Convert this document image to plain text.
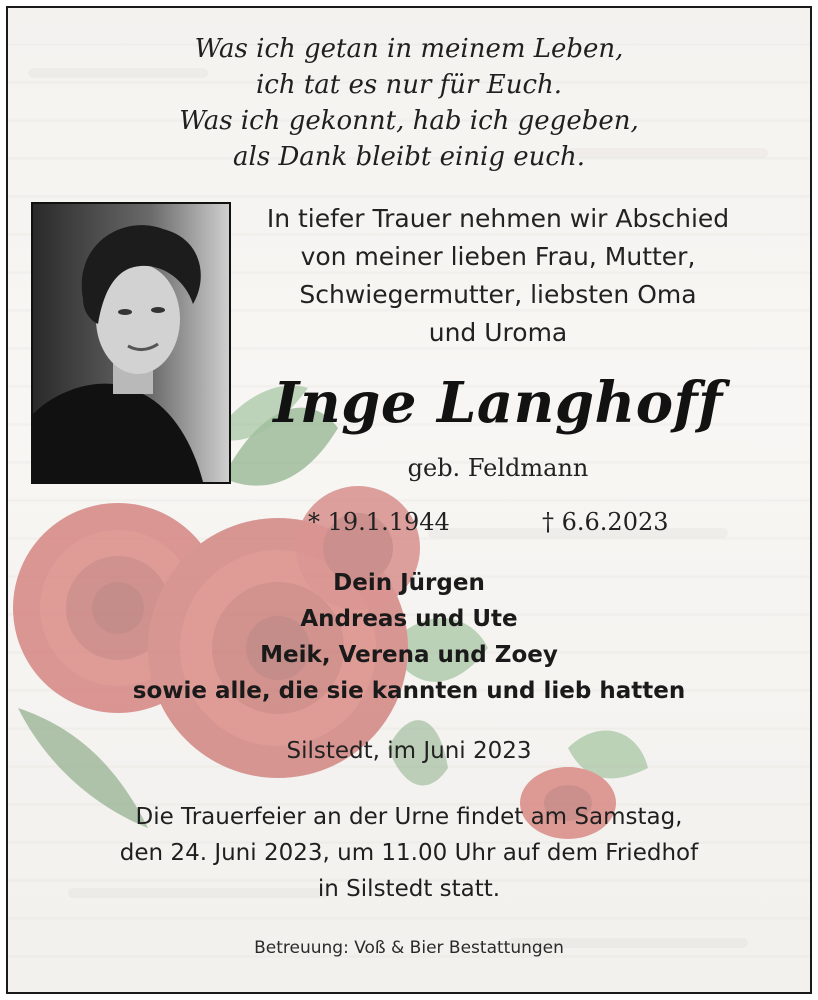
Was ich getan in meinem Leben,
ich tat es nur für Euch.
Was ich gekonnt, hab ich gegeben,
als Dank bleibt einig euch.
In tiefer Trauer nehmen wir Abschied
von meiner lieben Frau, Mutter,
Schwiegermutter, liebsten Oma
und Uroma
Inge Langhoff
geb. Feldmann
* 19.1.1944	† 6.6.2023
Dein Jürgen
Andreas und Ute
Meik, Verena und Zoey
sowie alle, die sie kannten und lieb hatten
Silstedt, im Juni 2023
Die Trauerfeier an der Urne findet am Samstag,
den 24. Juni 2023, um 11.00 Uhr auf dem Friedhof
in Silstedt statt.
Betreuung: Voß & Bier Bestattungen
